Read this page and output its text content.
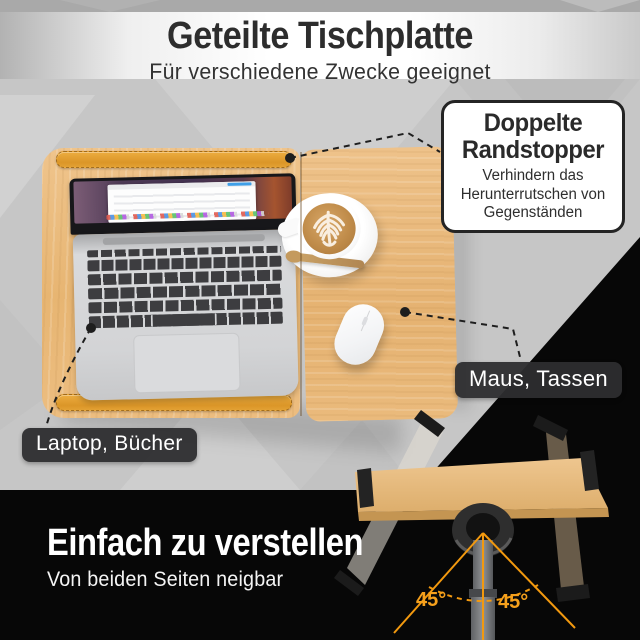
Geteilte Tischplatte

Für verschiedene Zwecke geeignet

45°	45°
Doppelte Randstopper

Verhindern das Herunterrutschen von Gegenständen

Maus, Tassen
Laptop, Bücher
Einfach zu verstellen

Von beiden Seiten neigbar
